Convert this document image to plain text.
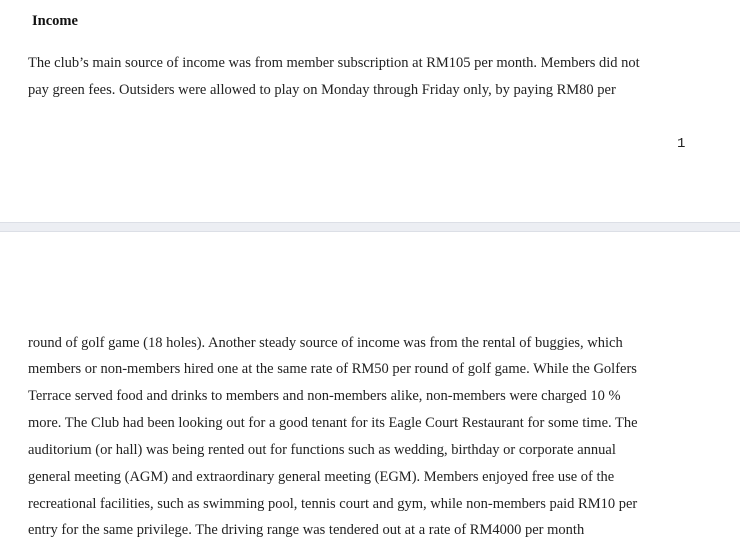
Income
The club’s main source of income was from member subscription at RM105 per month. Members did not
pay green fees. Outsiders were allowed to play on Monday through Friday only, by paying RM80 per
1
round of golf game (18 holes). Another steady source of income was from the rental of buggies, which
members or non-members hired one at the same rate of RM50 per round of golf game. While the Golfers
Terrace served food and drinks to members and non-members alike, non-members were charged 10 %
more. The Club had been looking out for a good tenant for its Eagle Court Restaurant for some time. The
auditorium (or hall) was being rented out for functions such as wedding, birthday or corporate annual
general meeting (AGM) and extraordinary general meeting (EGM). Members enjoyed free use of the
recreational facilities, such as swimming pool, tennis court and gym, while non-members paid RM10 per
entry for the same privilege. The driving range was tendered out at a rate of RM4000 per month
